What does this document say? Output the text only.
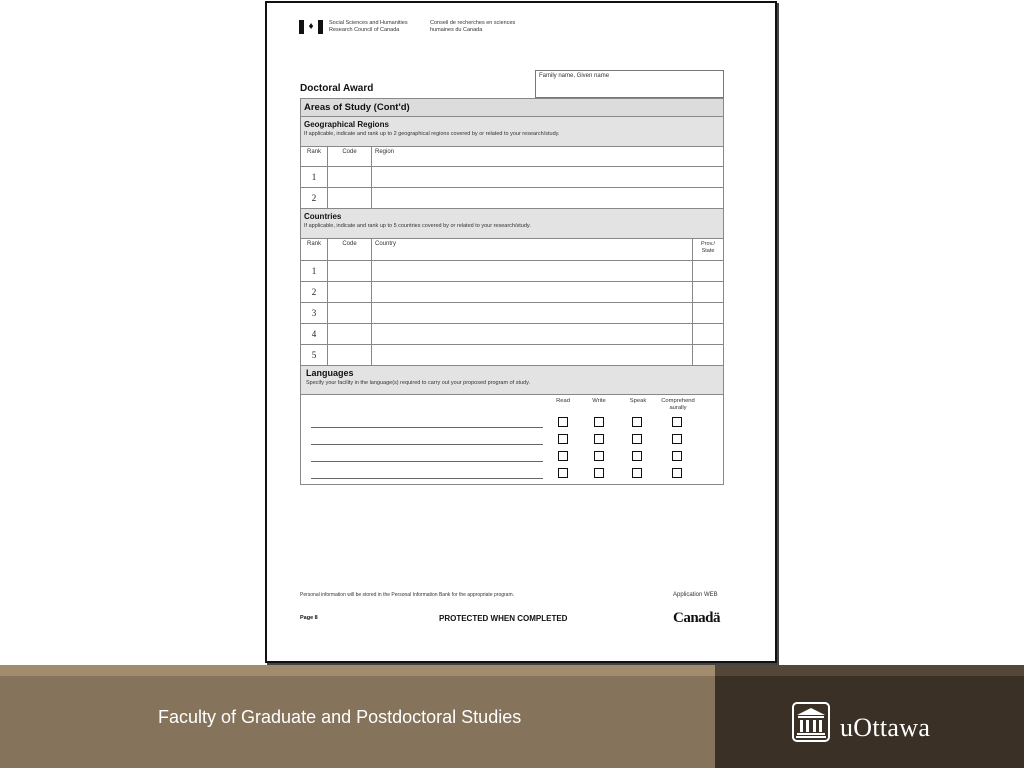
♦	Social Sciences and Humanities Research Council of Canada
Conseil de recherches en sciences humaines du Canada
Doctoral Award
Family name, Given name
Areas of Study (Cont'd)
Geographical Regions
If applicable, indicate and rank up to 2 geographical regions covered by or related to your research/study.
Rank	Code	Region
1
2
Countries
If applicable, indicate and rank up to 5 countries covered by or related to your research/study.
Rank	Code	Country	Prov./ State
1
2
3
4
5
Languages
Specify your facility in the language(s) required to carry out your proposed program of study.
Read	Write	Speak	Comprehend aurally
Personal information will be stored in the Personal Information Bank for the appropriate program.	Application WEB
Page 8	PROTECTED WHEN COMPLETED	Canadä
Faculty of Graduate and Postdoctoral Studies	uOttawa
